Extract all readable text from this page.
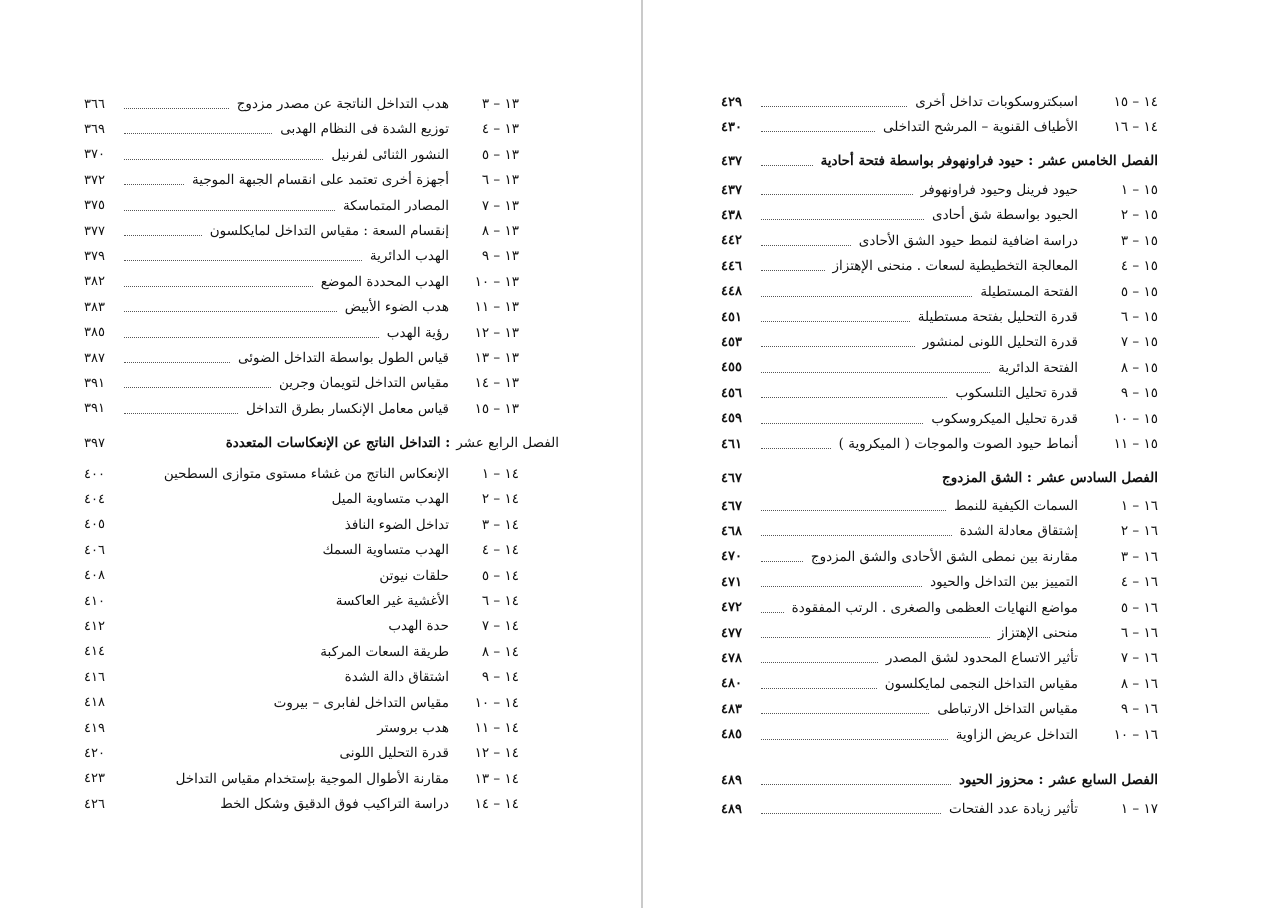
١٣ – ٣
هدب التداخل الناتجة عن مصدر مزدوج
٣٦٦
١٣ – ٤
توزيع الشدة فى النظام الهدبى
٣٦٩
١٣ – ٥
النشور الثنائى لفرنيل
٣٧٠
١٣ – ٦
أجهزة أخرى تعتمد على انقسام الجبهة الموجية
٣٧٢
١٣ – ٧
المصادر المتماسكة
٣٧٥
١٣ – ٨
إنقسام السعة : مقياس التداخل لمايكلسون
٣٧٧
١٣ – ٩
الهدب الدائرية
٣٧٩
١٣ – ١٠
الهدب المحددة الموضع
٣٨٢
١٣ – ١١
هدب الضوء الأبيض
٣٨٣
١٣ – ١٢
رؤية الهدب
٣٨٥
١٣ – ١٣
قياس الطول بواسطة التداخل الضوئى
٣٨٧
١٣ – ١٤
مقياس التداخل لتويمان وجرين
٣٩١
١٣ – ١٥
قياس معامل الإنكسار بطرق التداخل
٣٩١
الفصل الرابع عشر
: التداخل الناتج عن الإنعكاسات المتعددة
٣٩٧
١٤ – ١
الإنعكاس الناتج من غشاء مستوى متوازى السطحين
٤٠٠
١٤ – ٢
الهدب متساوية الميل
٤٠٤
١٤ – ٣
تداخل الضوء النافذ
٤٠٥
١٤ – ٤
الهدب متساوية السمك
٤٠٦
١٤ – ٥
حلقات نيوتن
٤٠٨
١٤ – ٦
الأغشية غير العاكسة
٤١٠
١٤ – ٧
حدة الهدب
٤١٢
١٤ – ٨
طريقة السعات المركبة
٤١٤
١٤ – ٩
اشتقاق دالة الشدة
٤١٦
١٤ – ١٠
مقياس التداخل لفابرى – بيروت
٤١٨
١٤ – ١١
هدب بروستر
٤١٩
١٤ – ١٢
قدرة التحليل اللونى
٤٢٠
١٤ – ١٣
مقارنة الأطوال الموجية بإستخدام مقياس التداخل
٤٢٣
١٤ – ١٤
دراسة التراكيب فوق الدقيق وشكل الخط
٤٢٦
١٤ – ١٥
اسبكتروسكوبات تداخل أخرى
٤٢٩
١٤ – ١٦
الأطياف القنوية – المرشح التداخلى
٤٣٠
الفصل الخامس عشر
: حيود فراونهوفر بواسطة فتحة أحادية
٤٣٧
١٥ – ١
حيود فرينل وحيود فراونهوفر
٤٣٧
١٥ – ٢
الحيود بواسطة شق أحادى
٤٣٨
١٥ – ٣
دراسة اضافية لنمط حيود الشق الأحادى
٤٤٢
١٥ – ٤
المعالجة التخطيطية لسعات . منحنى الإهتزاز
٤٤٦
١٥ – ٥
الفتحة المستطيلة
٤٤٨
١٥ – ٦
قدرة التحليل بفتحة مستطيلة
٤٥١
١٥ – ٧
قدرة التحليل اللونى لمنشور
٤٥٣
١٥ – ٨
الفتحة الدائرية
٤٥٥
١٥ – ٩
قدرة تحليل التلسكوب
٤٥٦
١٥ – ١٠
قدرة تحليل الميكروسكوب
٤٥٩
١٥ – ١١
أنماط حيود الصوت والموجات ( الميكروية )
٤٦١
الفصل السادس عشر
: الشق المزدوج
٤٦٧
١٦ – ١
السمات الكيفية للنمط
٤٦٧
١٦ – ٢
إشتقاق معادلة الشدة
٤٦٨
١٦ – ٣
مقارنة بين نمطى الشق الأحادى والشق المزدوج
٤٧٠
١٦ – ٤
التمييز بين التداخل والحيود
٤٧١
١٦ – ٥
مواضع النهايات العظمى والصغرى . الرتب المفقودة
٤٧٢
١٦ – ٦
منحنى الإهتزاز
٤٧٧
١٦ – ٧
تأثير الاتساع المحدود لشق المصدر
٤٧٨
١٦ – ٨
مقياس التداخل النجمى لمايكلسون
٤٨٠
١٦ – ٩
مقياس التداخل الارتباطى
٤٨٣
١٦ – ١٠
التداخل عريض الزاوية
٤٨٥
الفصل السابع عشر
: محزوز الحيود
٤٨٩
١٧ – ١
تأثير زيادة عدد الفتحات
٤٨٩
